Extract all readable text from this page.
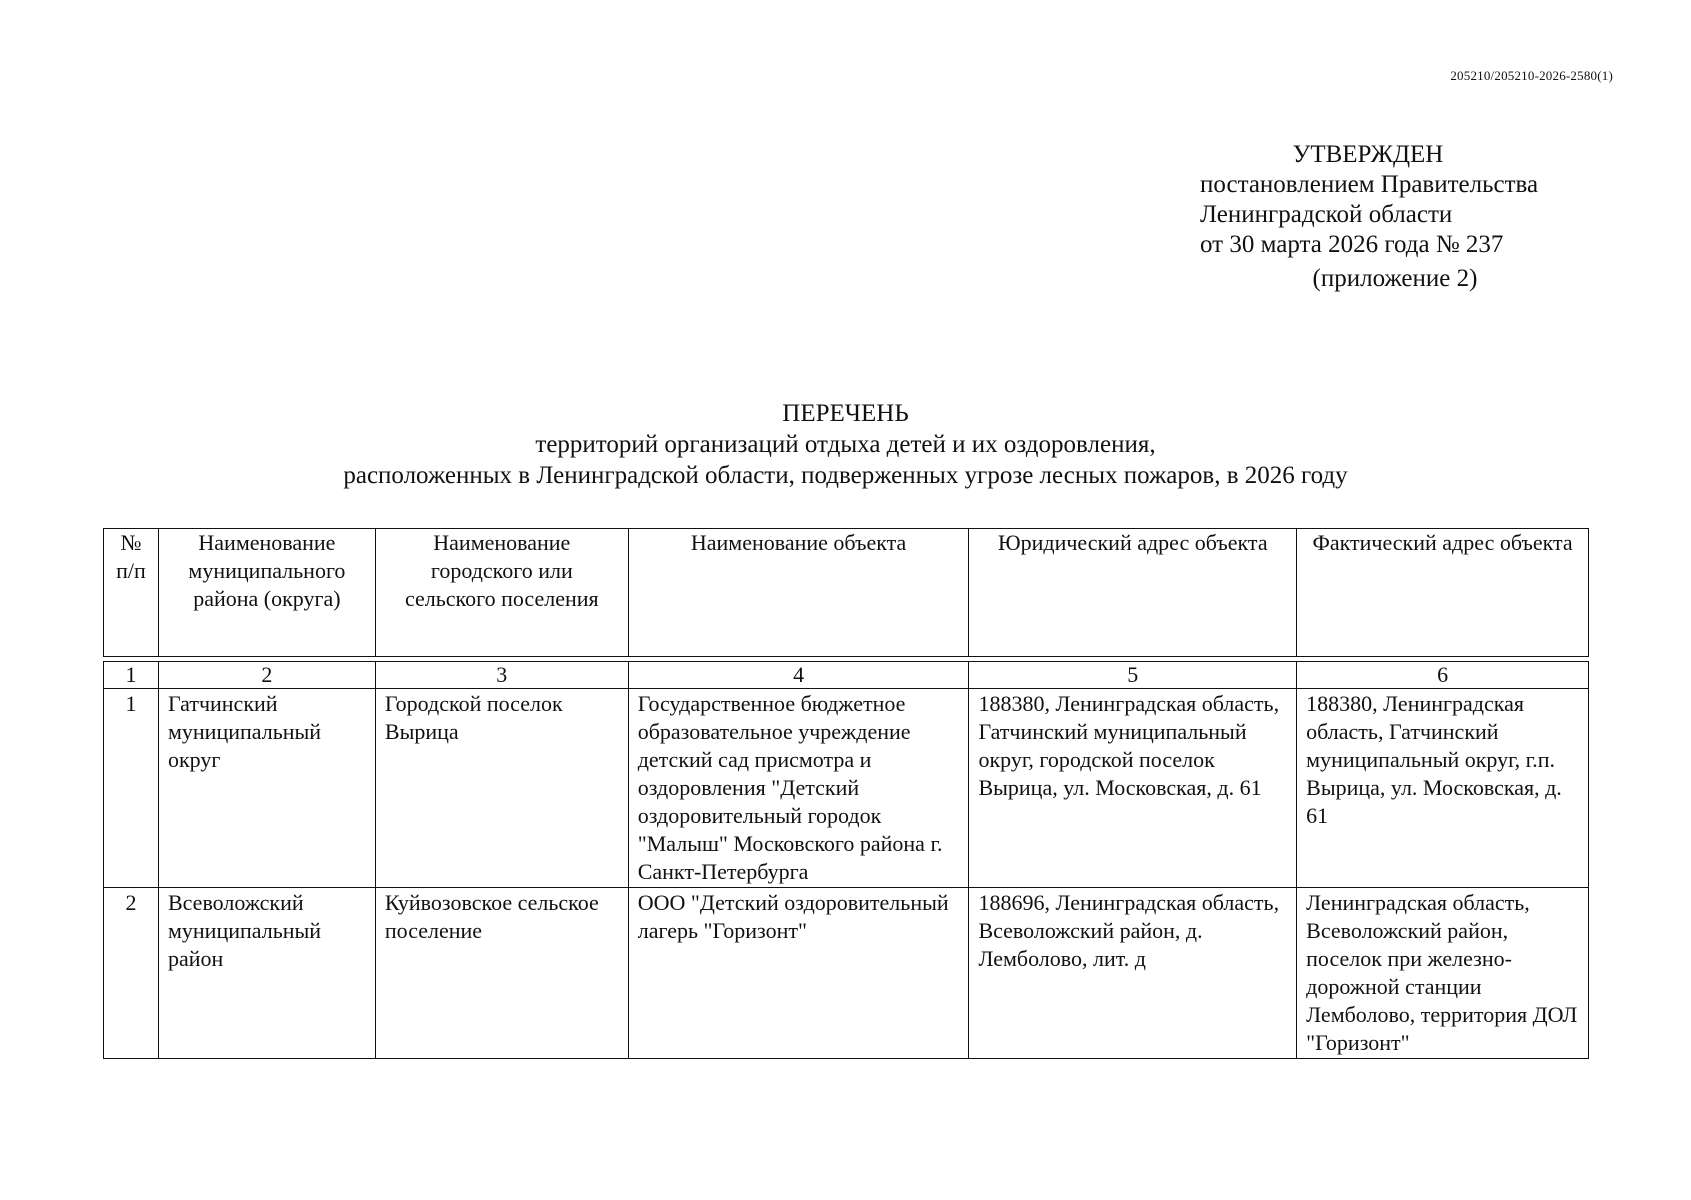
205210/205210-2026-2580(1)
УТВЕРЖДЕН
постановлением Правительства
Ленинградской области
от 30 марта 2026 года № 237
(приложение 2)
ПЕРЕЧЕНЬ
территорий организаций отдыха детей и их оздоровления,
расположенных в Ленинградской области, подверженных угрозе лесных пожаров, в 2026 году
№ п/п	Наименование муниципального района (округа)	Наименование городского или сельского поселения	Наименование объекта	Юридический адрес объекта	Фактический адрес объекта

1	2	3	4	5	6
1	Гатчинский муниципальный округ	Городской поселок Вырица	Государственное бюджетное образовательное учреждение детский сад присмотра и оздоровления "Детский оздоровительный городок "Малыш" Московского района г. Санкт-Петербурга	188380, Ленинградская область, Гатчинский муниципальный округ, городской поселок Вырица, ул. Московская, д. 61	188380, Ленинградская область, Гатчинский муниципальный округ, г.п. Вырица, ул. Московская, д. 61
2	Всеволожский муниципальный район	Куйвозовское сельское поселение	ООО "Детский оздоровительный лагерь "Горизонт"	188696, Ленинградская область, Всеволожский район, д. Лемболово, лит. д	Ленинградская область, Всеволожский район, поселок при железно-дорожной станции Лемболово, территория ДОЛ "Горизонт"
